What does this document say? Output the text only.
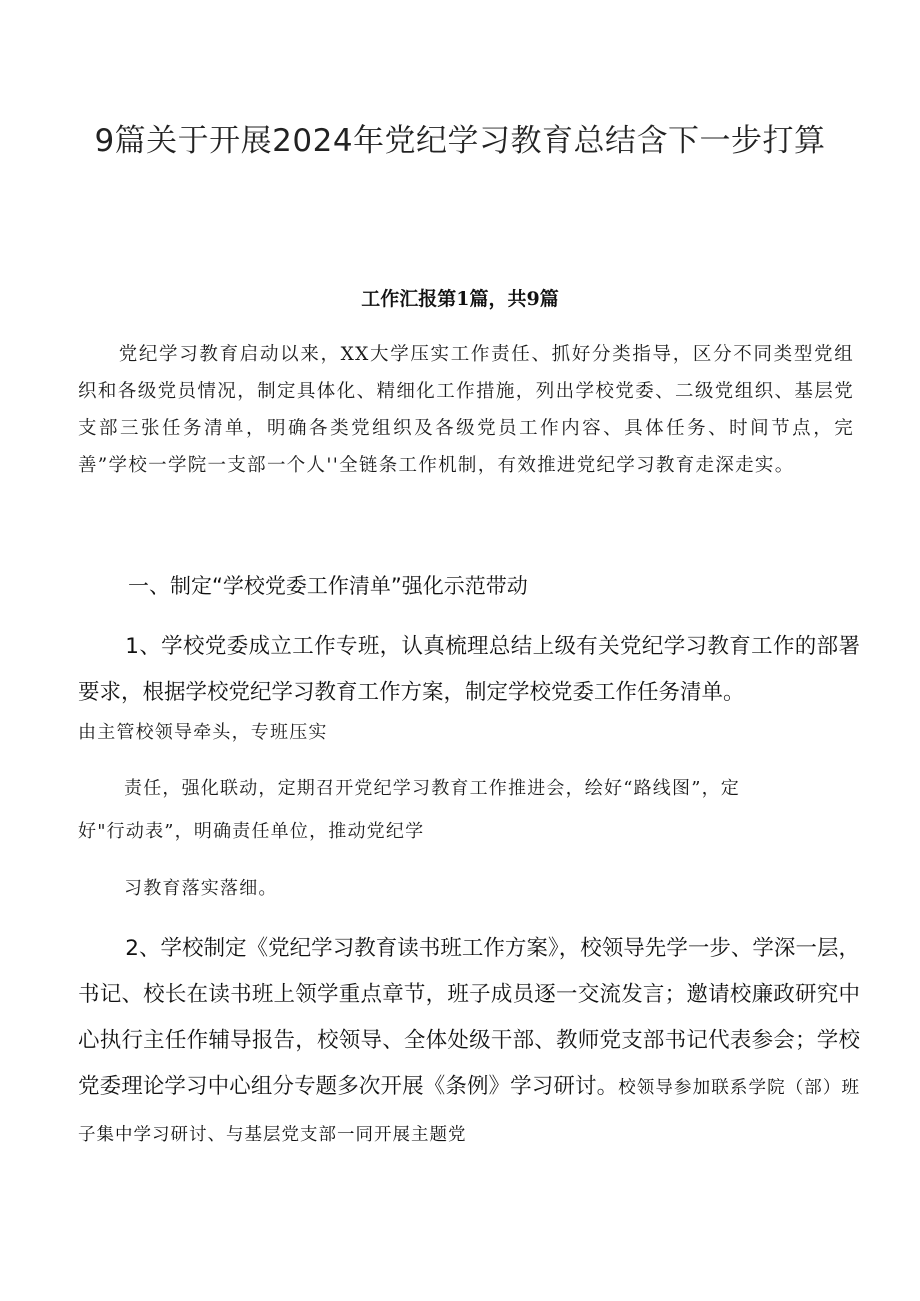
9篇关于开展2024年党纪学习教育总结含下一步打算

工作汇报第1篇，共9篇

党纪学习教育启动以来，XX大学压实工作责任、抓好分类指导，区分不同类型党组织和各级党员情况，制定具体化、精细化工作措施，列出学校党委、二级党组织、基层党支部三张任务清单，明确各类党组织及各级党员工作内容、具体任务、时间节点，完善”学校一学院一支部一个人''全链条工作机制，有效推进党纪学习教育走深走实。

一、制定“学校党委工作清单”强化示范带动

1、学校党委成立工作专班，认真梳理总结上级有关党纪学习教育工作的部署要求，根据学校党纪学习教育工作方案，制定学校党委工作任务清单。

由主管校领导牵头，专班压实

责任，强化联动，定期召开党纪学习教育工作推进会，绘好“路线图”，定

好"行动表”，明确责任单位，推动党纪学

习教育落实落细。

2、学校制定《党纪学习教育读书班工作方案》，校领导先学一步、学深一层，书记、校长在读书班上领学重点章节，班子成员逐一交流发言；邀请校廉政研究中心执行主任作辅导报告，校领导、全体处级干部、教师党支部书记代表参会；学校党委理论学习中心组分专题多次开展《条例》学习研讨。校领导参加联系学院（部）班子集中学习研讨、与基层党支部一同开展主题党
